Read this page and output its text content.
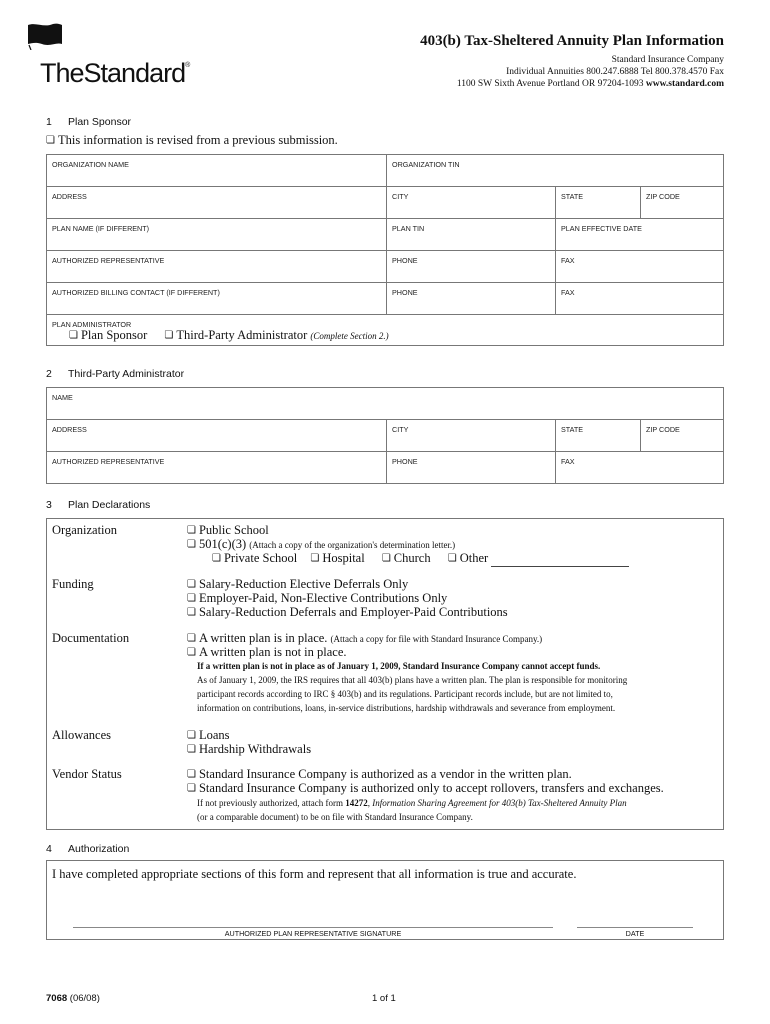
TheStandard®
403(b) Tax-Sheltered Annuity Plan Information
Standard Insurance Company
Individual Annuities 800.247.6888 Tel 800.378.4570 Fax
1100 SW Sixth Avenue Portland OR 97204-1093 www.standard.com
1 Plan Sponsor
❏ This information is revised from a previous submission.
ORGANIZATION NAME	ORGANIZATION TIN
ADDRESS	CITY	STATE	ZIP CODE
PLAN NAME (IF DIFFERENT)	PLAN TIN	PLAN EFFECTIVE DATE
AUTHORIZED REPRESENTATIVE	PHONE	FAX
AUTHORIZED BILLING CONTACT (IF DIFFERENT)	PHONE	FAX
PLAN ADMINISTRATOR
❏ Plan Sponsor ❏ Third-Party Administrator (Complete Section 2.)
2 Third-Party Administrator
NAME
ADDRESS	CITY	STATE	ZIP CODE
AUTHORIZED REPRESENTATIVE	PHONE	FAX
3 Plan Declarations
Organization	❏ Public School
❏ 501(c)(3) (Attach a copy of the organization's determination letter.)
❏ Private School ❏ Hospital ❏ Church ❏ Other
Funding	❏ Salary-Reduction Elective Deferrals Only
❏ Employer-Paid, Non-Elective Contributions Only
❏ Salary-Reduction Deferrals and Employer-Paid Contributions
Documentation	❏ A written plan is in place. (Attach a copy for file with Standard Insurance Company.)
❏ A written plan is not in place.
If a written plan is not in place as of January 1, 2009, Standard Insurance Company cannot accept funds.
As of January 1, 2009, the IRS requires that all 403(b) plans have a written plan. The plan is responsible for monitoring
participant records according to IRC § 403(b) and its regulations. Participant records include, but are not limited to,
information on contributions, loans, in-service distributions, hardship withdrawals and severance from employment.
Allowances	❏ Loans
❏ Hardship Withdrawals
Vendor Status	❏ Standard Insurance Company is authorized as a vendor in the written plan.
❏ Standard Insurance Company is authorized only to accept rollovers, transfers and exchanges.
If not previously authorized, attach form 14272, Information Sharing Agreement for 403(b) Tax-Sheltered Annuity Plan
(or a comparable document) to be on file with Standard Insurance Company.
4 Authorization
I have completed appropriate sections of this form and represent that all information is true and accurate.
AUTHORIZED PLAN REPRESENTATIVE SIGNATURE	DATE
7068 (06/08)	1 of 1
